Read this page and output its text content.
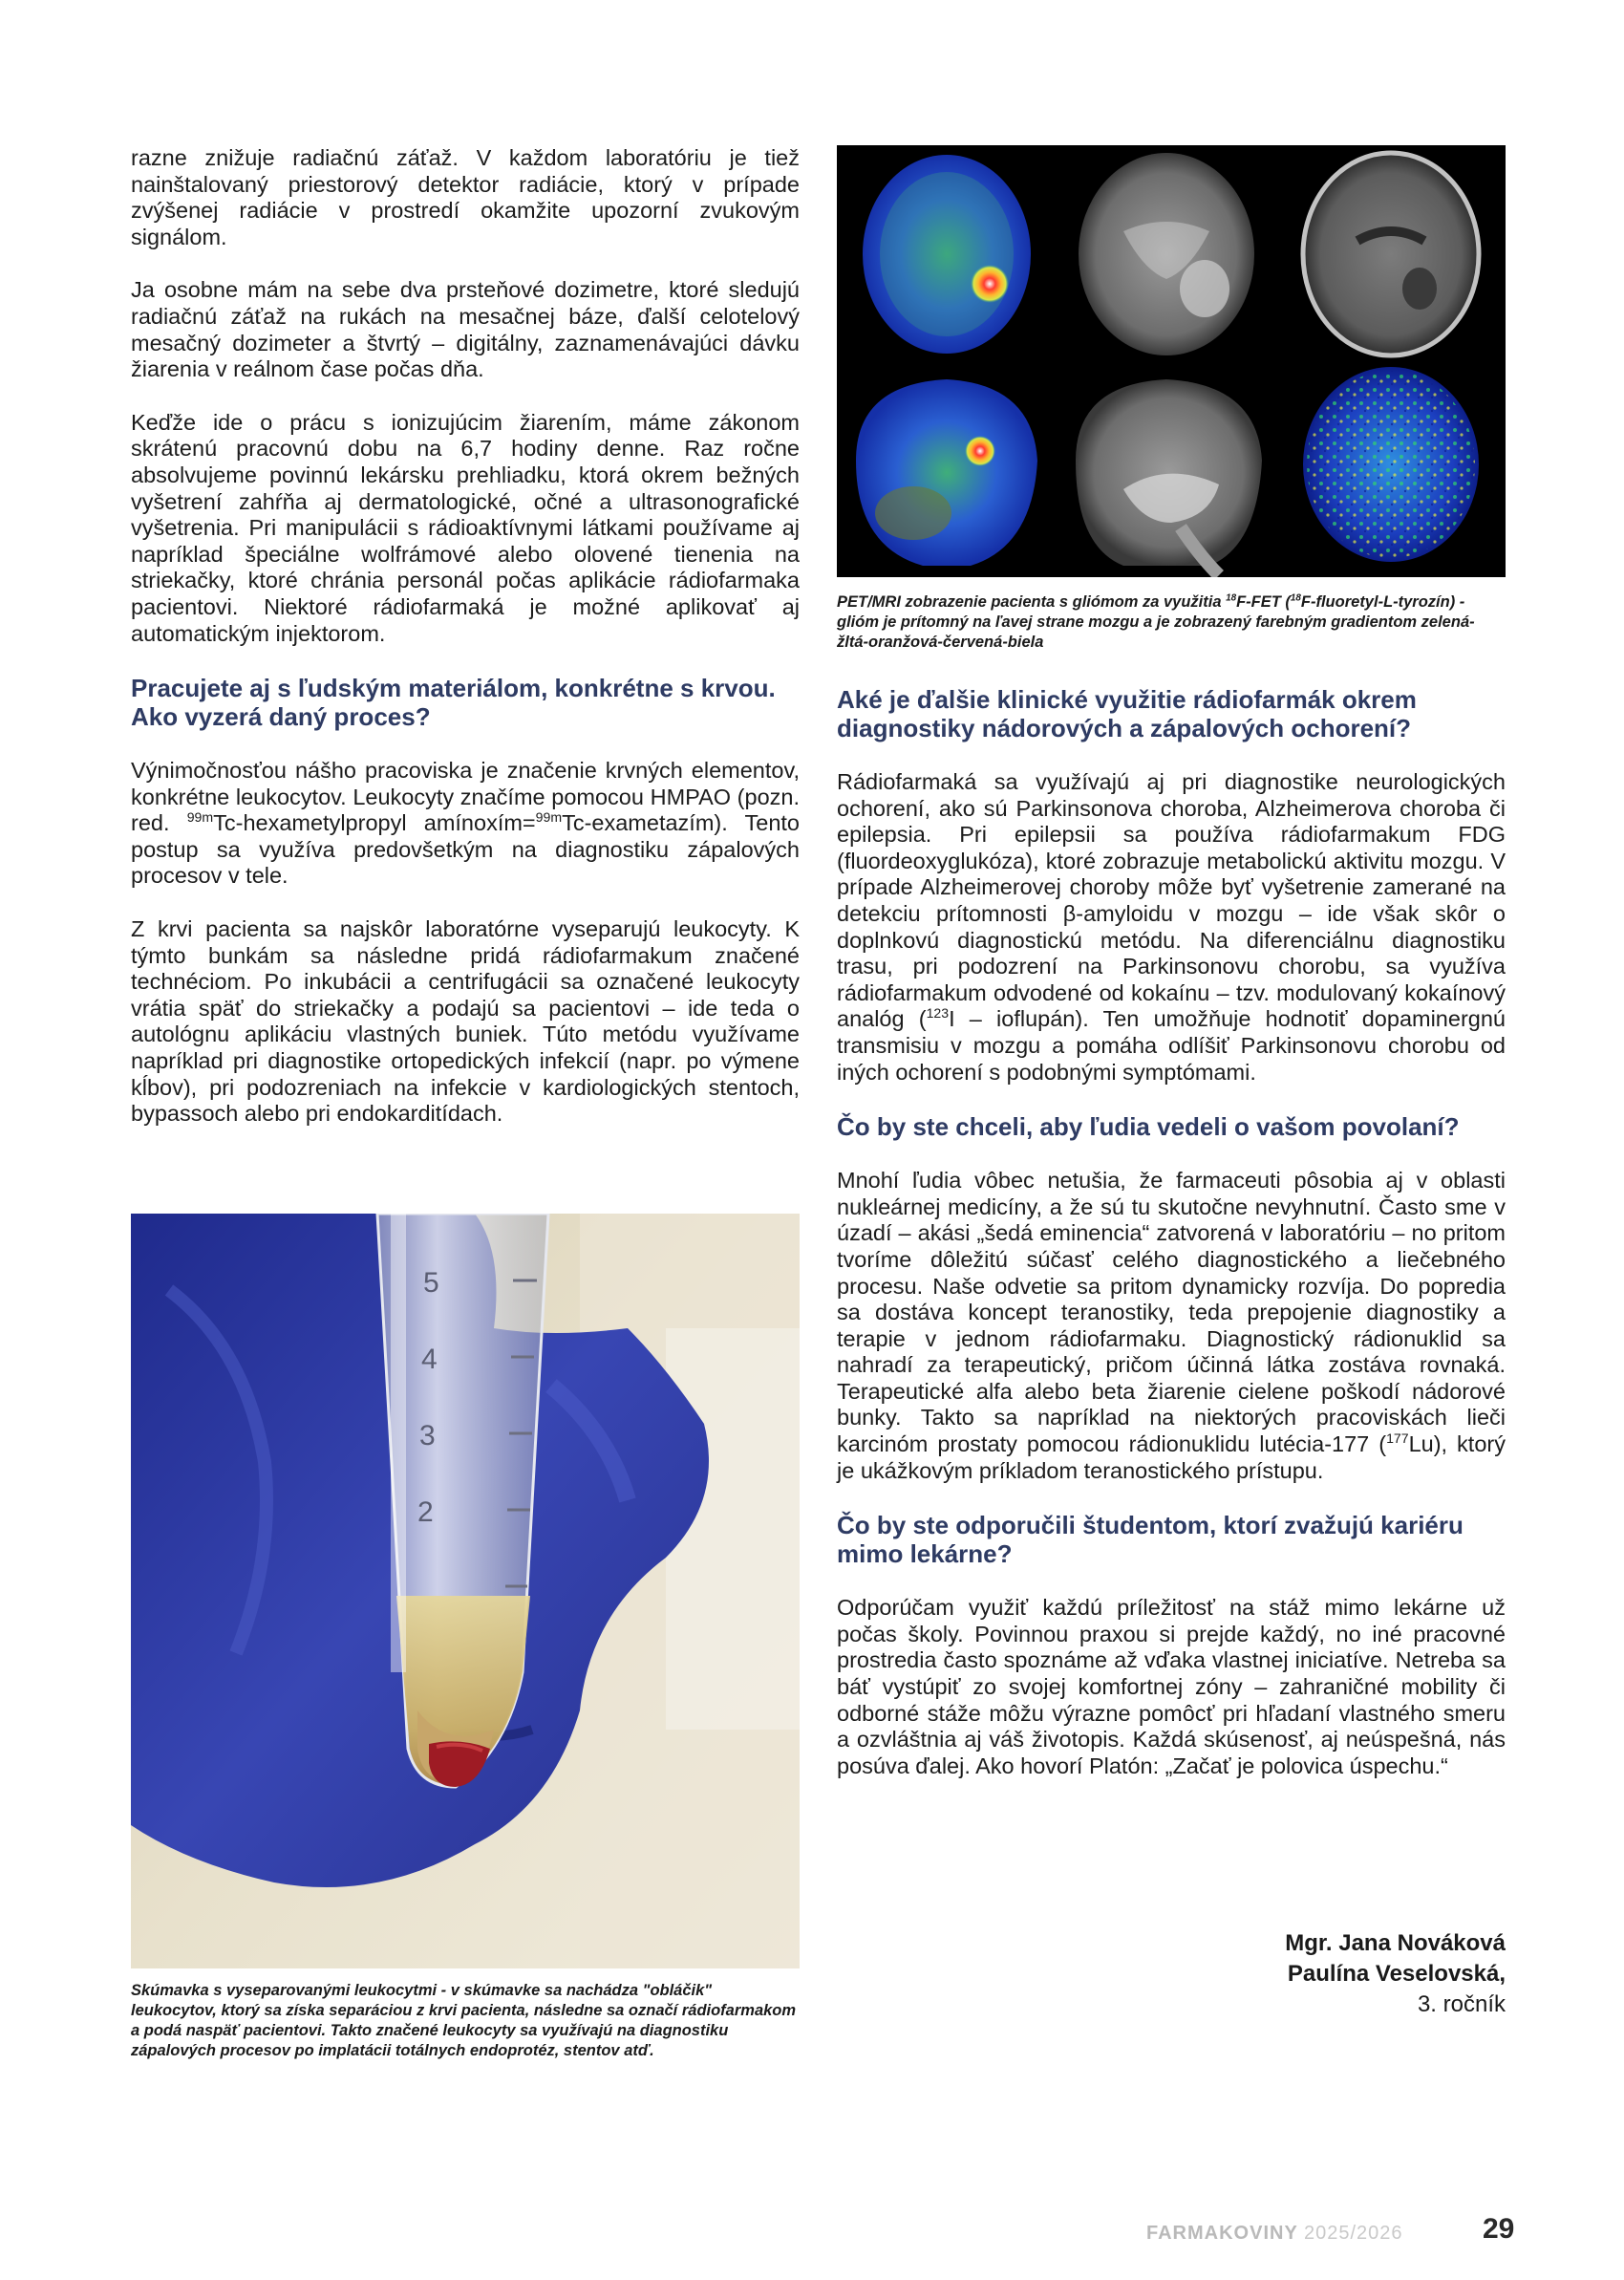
razne znižuje radiačnú záťaž. V každom laboratóriu je tiež nainštalovaný priestorový detektor radiácie, ktorý v prípade zvýšenej radiácie v prostredí okamžite upozorní zvukovým signálom.

Ja osobne mám na sebe dva prsteňové dozimetre, ktoré sledujú radiačnú záťaž na rukách na mesačnej báze, ďalší celotelový mesačný dozimeter a štvrtý – digitálny, zaznamenávajúci dávku žiarenia v reálnom čase počas dňa.

Keďže ide o prácu s ionizujúcim žiarením, máme zákonom skrátenú pracovnú dobu na 6,7 hodiny denne. Raz ročne absolvujeme povinnú lekársku prehliadku, ktorá okrem bežných vyšetrení zahŕňa aj dermatologické, očné a ultrasonografické vyšetrenia. Pri manipulácii s rádioaktívnymi látkami používame aj napríklad špeciálne wolfrámové alebo olovené tienenia na striekačky, ktoré chránia personál počas aplikácie rádiofarmaka pacientovi. Niektoré rádiofarmaká je možné aplikovať aj automatickým injektorom.

Pracujete aj s ľudským materiálom, konkrétne s krvou. Ako vyzerá daný proces?

Výnimočnosťou nášho pracoviska je značenie krvných elementov, konkrétne leukocytov. Leukocyty značíme pomocou HMPAO (pozn. red. $^{99m}$Tc-hexametylpropyl amínoxím=$^{99m}$Tc-exametazím). Tento postup sa využíva predovšetkým na diagnostiku zápalových procesov v tele.

Z krvi pacienta sa najskôr laboratórne vyseparujú leukocyty. K týmto bunkám sa následne pridá rádiofarmakum značené technéciom. Po inkubácii a centrifugácii sa označené leukocyty vrátia späť do striekačky a podajú sa pacientovi – ide teda o autológnu aplikáciu vlastných buniek. Túto metódu využívame napríklad pri diagnostike ortopedických infekcií (napr. po výmene kĺbov), pri podozreniach na infekcie v kardiologických stentoch, bypassoch alebo pri endokarditídach.

5
4
3
2
Skúmavka s vyseparovanými leukocytmi - v skúmavke sa nachádza "obláčik" leukocytov, ktorý sa získa separáciou z krvi pacienta, následne sa označí rádiofarmakom a podá naspäť pacientovi. Takto značené leukocyty sa využívajú na diagnostiku zápalových procesov po implatácii totálnych endoprotéz, stentov atď.
PET/MRI zobrazenie pacienta s gliómom za využitia $^{18}$F-FET ($^{18}$F-fluoretyl-L-tyrozín) - glióm je prítomný na ľavej strane mozgu a je zobrazený farebným gradientom zelená-žltá-oranžová-červená-biela
Aké je ďalšie klinické využitie rádiofarmák okrem diagnostiky nádorových a zápalových ochorení?

Rádiofarmaká sa využívajú aj pri diagnostike neurologických ochorení, ako sú Parkinsonova choroba, Alzheimerova choroba či epilepsia. Pri epilepsii sa používa rádiofarmakum FDG (fluordeoxyglukóza), ktoré zobrazuje metabolickú aktivitu mozgu. V prípade Alzheimerovej choroby môže byť vyšetrenie zamerané na detekciu prítomnosti β-amyloidu v mozgu – ide však skôr o doplnkovú diagnostickú metódu. Na diferenciálnu diagnostiku trasu, pri podozrení na Parkinsonovu chorobu, sa využíva rádiofarmakum odvodené od kokaínu – tzv. modulovaný kokaínový analóg ($^{123}$I – ioflupán). Ten umožňuje hodnotiť dopaminergnú transmisiu v mozgu a pomáha odlíšiť Parkinsonovu chorobu od iných ochorení s podobnými symptómami.

Čo by ste chceli, aby ľudia vedeli o vašom povolaní?

Mnohí ľudia vôbec netušia, že farmaceuti pôsobia aj v oblasti nukleárnej medicíny, a že sú tu skutočne nevyhnutní. Často sme v úzadí – akási „šedá eminencia“ zatvorená v laboratóriu – no pritom tvoríme dôležitú súčasť celého diagnostického a liečebného procesu. Naše odvetie sa pritom dynamicky rozvíja. Do popredia sa dostáva koncept teranostiky, teda prepojenie diagnostiky a terapie v jednom rádiofarmaku. Diagnostický rádionuklid sa nahradí za terapeutický, pričom účinná látka zostáva rovnaká. Terapeutické alfa alebo beta žiarenie cielene poškodí nádorové bunky. Takto sa napríklad na niektorých pracoviskách lieči karcinóm prostaty pomocou rádionuklidu lutécia-177 ($^{177}$Lu), ktorý je ukážkovým príkladom teranostického prístupu.

Čo by ste odporučili študentom, ktorí zvažujú kariéru mimo lekárne?

Odporúčam využiť každú príležitosť na stáž mimo lekárne už počas školy. Povinnou praxou si prejde každý, no iné pracovné prostredia často spoznáme až vďaka vlastnej iniciatíve. Netreba sa báť vystúpiť zo svojej komfortnej zóny – zahraničné mobility či odborné stáže môžu výrazne pomôcť pri hľadaní vlastného smeru a ozvláštnia aj váš životopis. Každá skúsenosť, aj neúspešná, nás posúva ďalej. Ako hovorí Platón: „Začať je polovica úspechu.“

Mgr. Jana Nováková
Paulína Veselovská,
3. ročník
FARMAKOVINY 2025/2026	29
